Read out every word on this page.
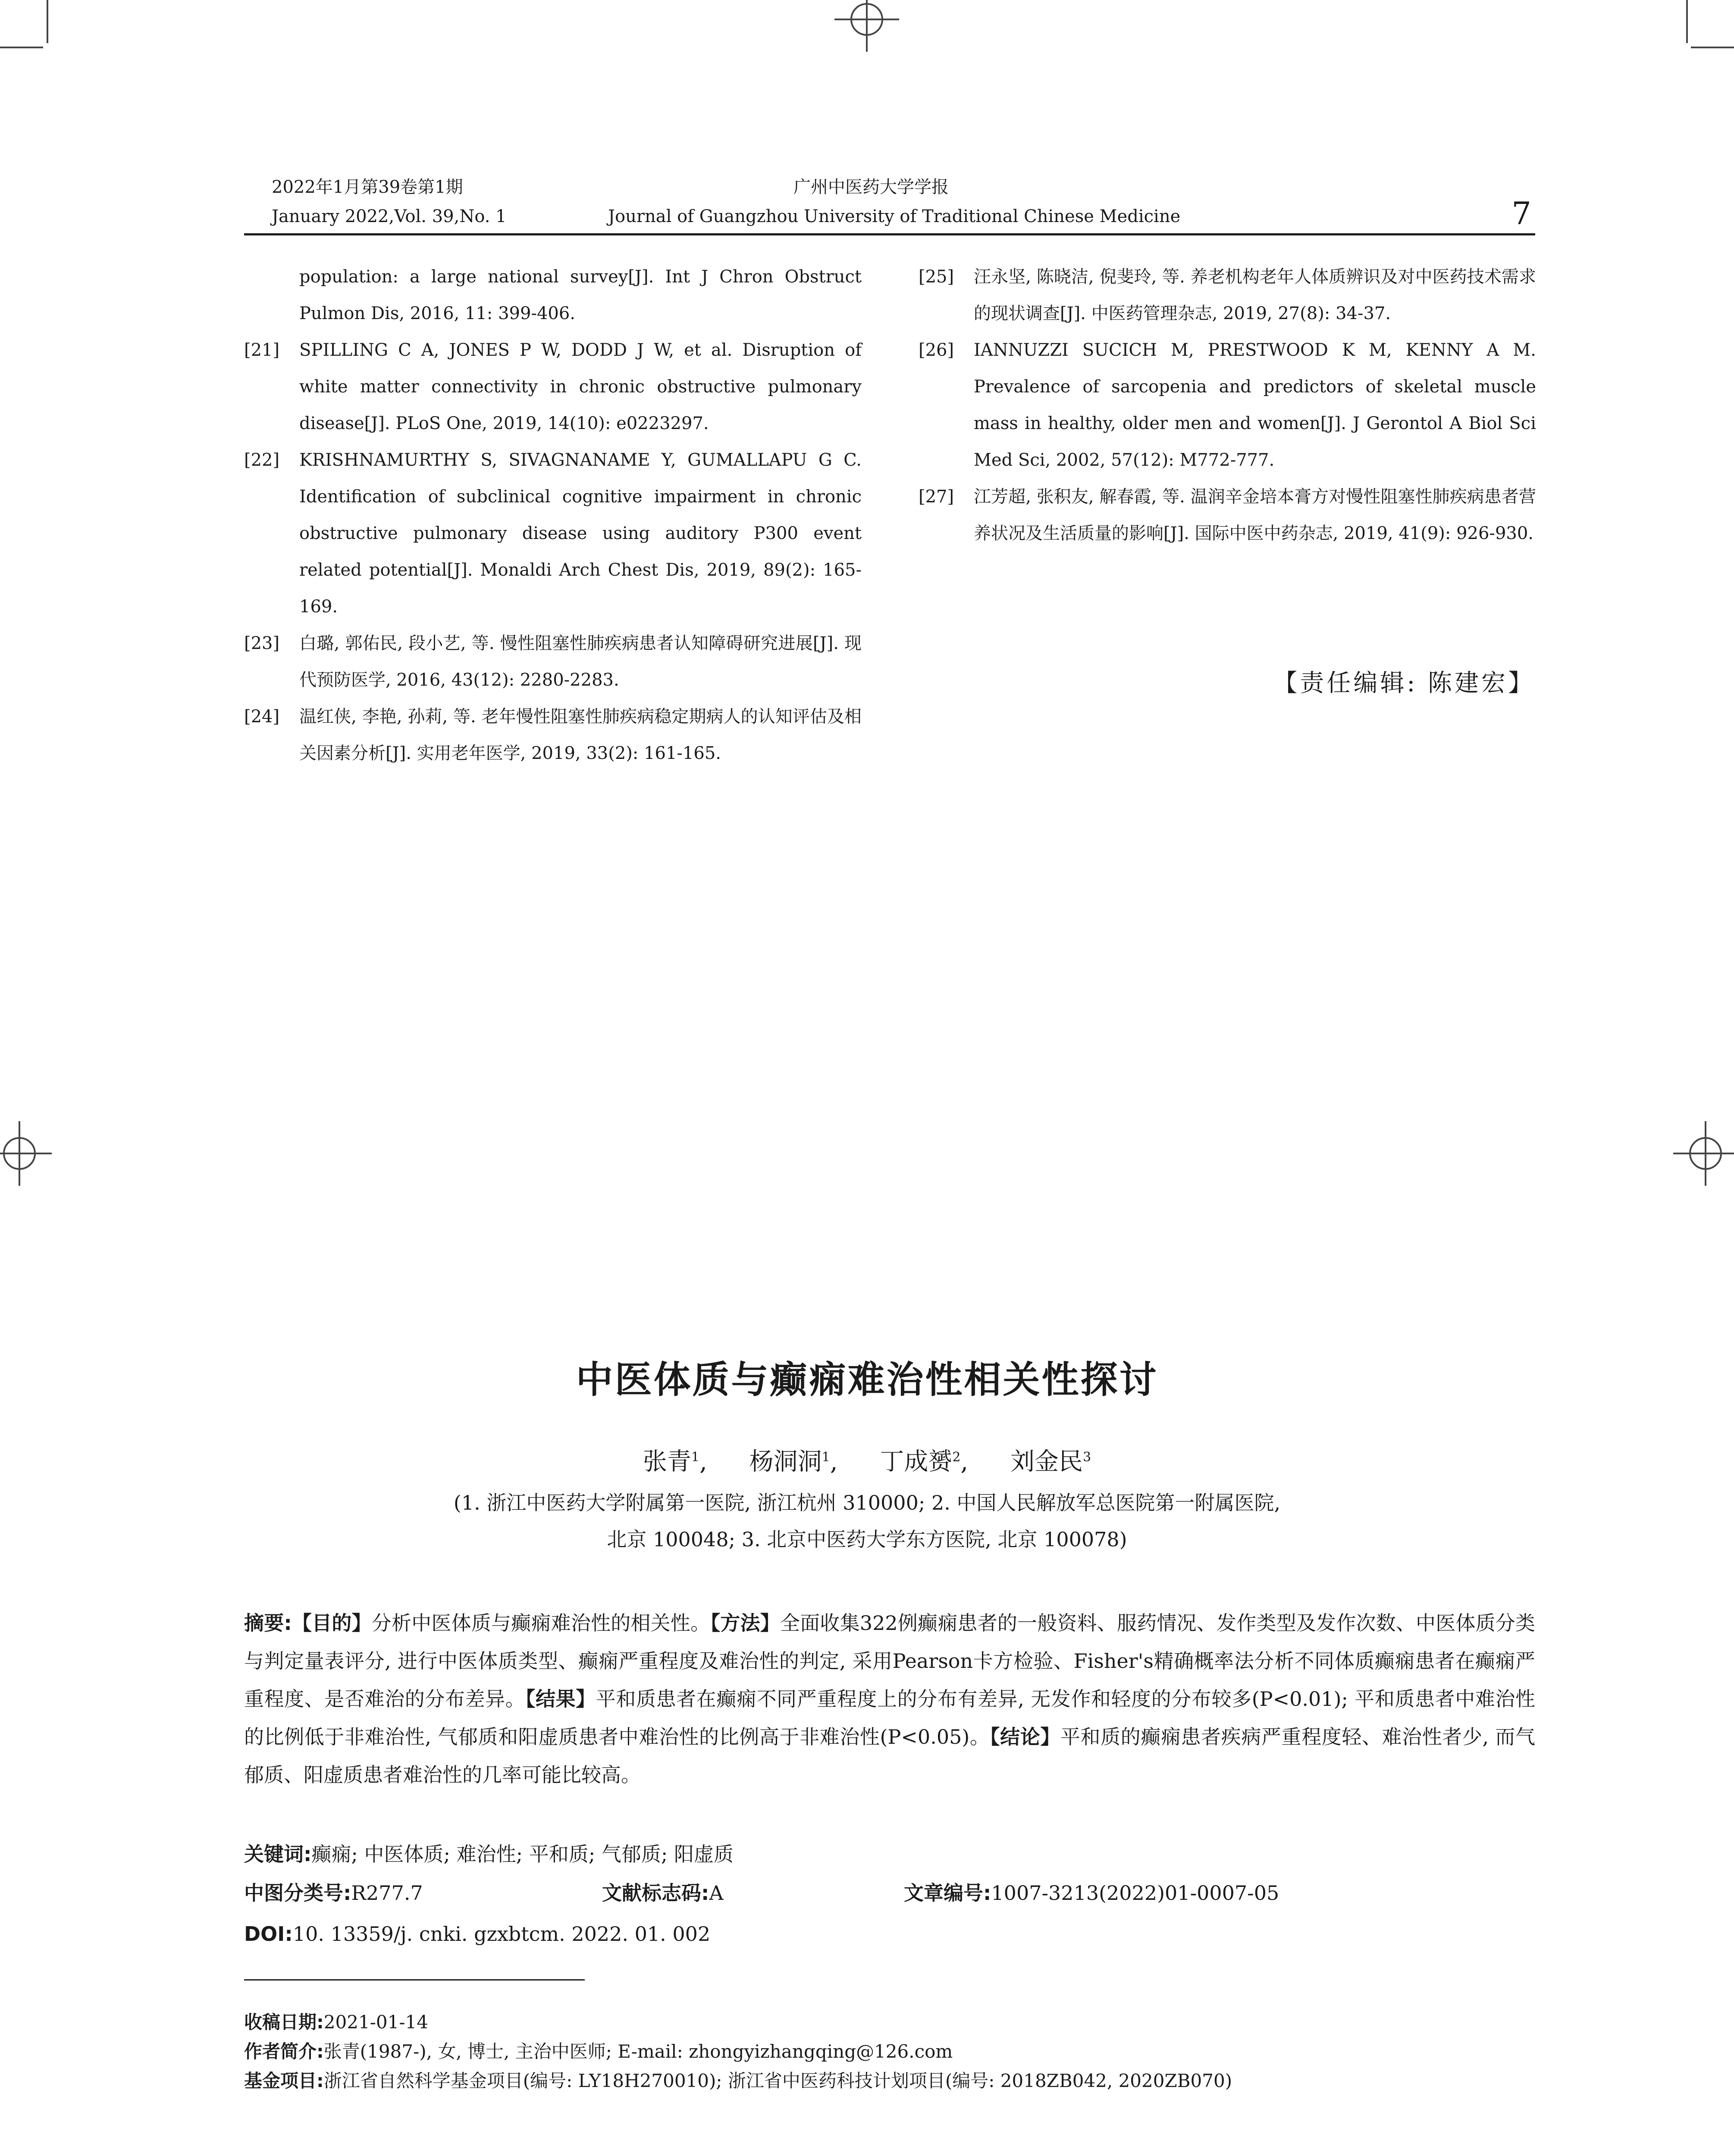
2022年1月第39卷第1期
January 2022,Vol. 39,No. 1
广州中医药大学学报
Journal of Guangzhou University of Traditional Chinese Medicine	7
population: a large national survey[J]. Int J Chron Obstruct Pulmon Dis, 2016, 11: 399-406.
[21]	SPILLING C A, JONES P W, DODD J W, et al. Disruption of white matter connectivity in chronic obstructive pulmonary disease[J]. PLoS One, 2019, 14(10): e0223297.
[22]	KRISHNAMURTHY S, SIVAGNANAME Y, GUMALLAPU G C. Identification of subclinical cognitive impairment in chronic obstructive pulmonary disease using auditory P300 event related potential[J]. Monaldi Arch Chest Dis, 2019, 89(2): 165-169.
[23]	白璐, 郭佑民, 段小艺, 等. 慢性阻塞性肺疾病患者认知障碍研究进展[J]. 现代预防医学, 2016, 43(12): 2280-2283.
[24]	温红侠, 李艳, 孙莉, 等. 老年慢性阻塞性肺疾病稳定期病人的认知评估及相关因素分析[J]. 实用老年医学, 2019, 33(2): 161-165.
[25]	汪永坚, 陈晓洁, 倪斐玲, 等. 养老机构老年人体质辨识及对中医药技术需求的现状调查[J]. 中医药管理杂志, 2019, 27(8): 34-37.
[26]	IANNUZZI SUCICH M, PRESTWOOD K M, KENNY A M. Prevalence of sarcopenia and predictors of skeletal muscle mass in healthy, older men and women[J]. J Gerontol A Biol Sci Med Sci, 2002, 57(12): M772-777.
[27]	江芳超, 张积友, 解春霞, 等. 温润辛金培本膏方对慢性阻塞性肺疾病患者营养状况及生活质量的影响[J]. 国际中医中药杂志, 2019, 41(9): 926-930.
【责任编辑: 陈建宏】
中医体质与癫痫难治性相关性探讨
张青$^1$, 杨洞洞$^1$, 丁成赟$^2$, 刘金民$^3$
(1. 浙江中医药大学附属第一医院, 浙江杭州 310000; 2. 中国人民解放军总医院第一附属医院,
北京 100048; 3. 北京中医药大学东方医院, 北京 100078)
摘要:【目的】分析中医体质与癫痫难治性的相关性。【方法】全面收集322例癫痫患者的一般资料、服药情况、发作类型及发作次数、中医体质分类与判定量表评分, 进行中医体质类型、癫痫严重程度及难治性的判定, 采用Pearson卡方检验、Fisher's精确概率法分析不同体质癫痫患者在癫痫严重程度、是否难治的分布差异。【结果】平和质患者在癫痫不同严重程度上的分布有差异, 无发作和轻度的分布较多(P<0.01); 平和质患者中难治性的比例低于非难治性, 气郁质和阳虚质患者中难治性的比例高于非难治性(P<0.05)。【结论】平和质的癫痫患者疾病严重程度轻、难治性者少, 而气郁质、阳虚质患者难治性的几率可能比较高。
关键词:癫痫; 中医体质; 难治性; 平和质; 气郁质; 阳虚质
中图分类号:R277.7	文献标志码:A	文章编号:1007-3213(2022)01-0007-05
DOI:10. 13359/j. cnki. gzxbtcm. 2022. 01. 002
收稿日期:2021-01-14
作者简介:张青(1987-), 女, 博士, 主治中医师; E-mail: zhongyizhangqing@126.com
基金项目:浙江省自然科学基金项目(编号: LY18H270010); 浙江省中医药科技计划项目(编号: 2018ZB042, 2020ZB070)
